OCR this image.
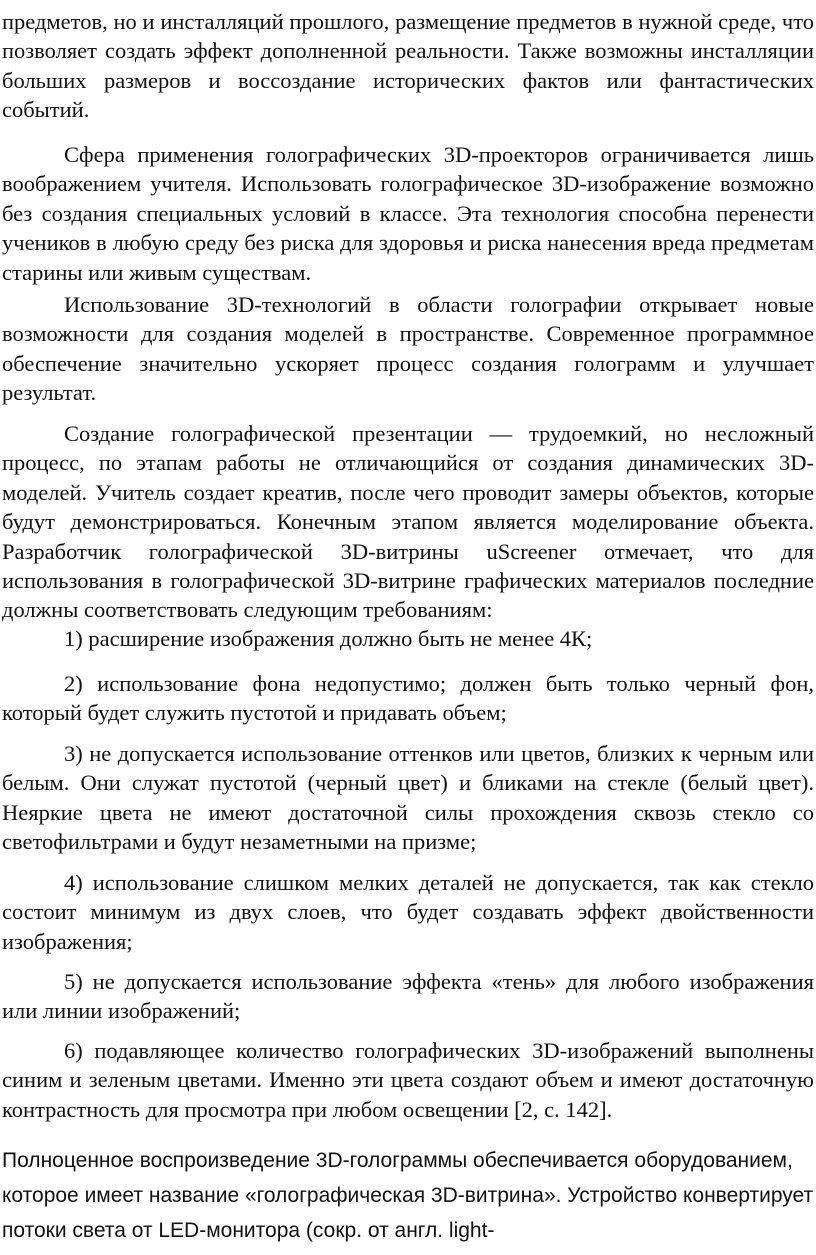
предметов, но и инсталляций прошлого, размещение предметов в нужной среде, что позволяет создать эффект дополненной реальности. Также возможны инсталляции больших размеров и воссоздание исторических фактов или фантастических событий.

Сфера применения голографических 3D-проекторов ограничивается лишь воображением учителя. Использовать голографическое 3D-изображение возможно без создания специальных условий в классе. Эта технология способна перенести учеников в любую среду без риска для здоровья и риска нанесения вреда предметам старины или живым существам.

Использование 3D-технологий в области голографии открывает новые возможности для создания моделей в пространстве. Современное программное обеспечение значительно ускоряет процесс создания голограмм и улучшает результат.

Создание голографической презентации — трудоемкий, но несложный процесс, по этапам работы не отличающийся от создания динамических 3D-моделей. Учитель создает креатив, после чего проводит замеры объектов, которые будут демонстрироваться. Конечным этапом является моделирование объекта. Разработчик голографической 3D-витрины uScreener отмечает, что для использования в голографической 3D-витрине графических материалов последние должны соответствовать следующим требованиям:

1) расширение изображения должно быть не менее 4К;

2) использование фона недопустимо; должен быть только черный фон, который будет служить пустотой и придавать объем;

3) не допускается использование оттенков или цветов, близких к черным или белым. Они служат пустотой (черный цвет) и бликами на стекле (белый цвет). Неяркие цвета не имеют достаточной силы прохождения сквозь стекло со светофильтрами и будут незаметными на призме;

4) использование слишком мелких деталей не допускается, так как стекло состоит минимум из двух слоев, что будет создавать эффект двойственности изображения;

5) не допускается использование эффекта «тень» для любого изображения или линии изображений;

6) подавляющее количество голографических 3D-изображений выполнены синим и зеленым цветами. Именно эти цвета создают объем и имеют достаточную контрастность для просмотра при любом освещении [2, с. 142].

Полноценное воспроизведение 3D-голограммы обеспечивается оборудованием, которое имеет название «голографическая 3D-витрина». Устройство конвертирует потоки света от LED-монитора (сокр. от англ. light-
